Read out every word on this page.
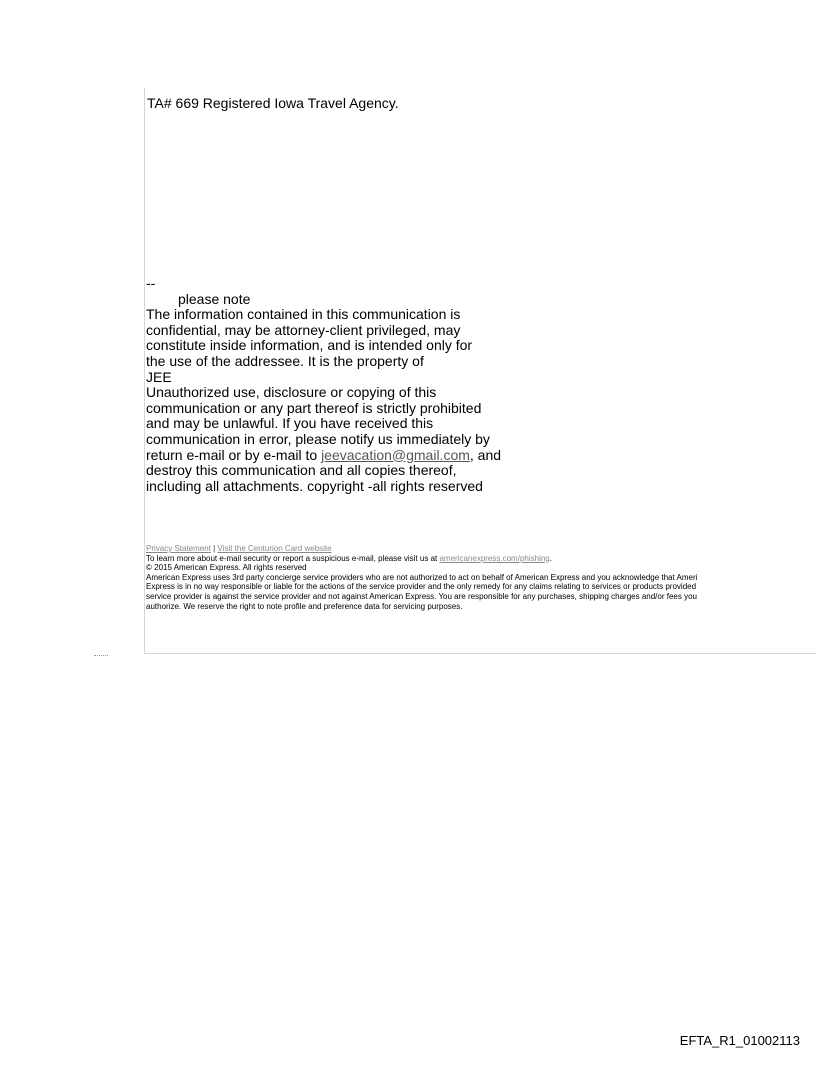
TA# 669 Registered Iowa Travel Agency.
--
please note
The information contained in this communication is
confidential, may be attorney-client privileged, may
constitute inside information, and is intended only for
the use of the addressee. It is the property of
JEE
Unauthorized use, disclosure or copying of this
communication or any part thereof is strictly prohibited
and may be unlawful. If you have received this
communication in error, please notify us immediately by
return e-mail or by e-mail to jeevacation@gmail.com, and
destroy this communication and all copies thereof,
including all attachments. copyright -all rights reserved
Privacy Statement | Visit the Centurion Card website
To learn more about e-mail security or report a suspicious e-mail, please visit us at americanexpress.com/phishing.
© 2015 American Express. All rights reserved
American Express uses 3rd party concierge service providers who are not authorized to act on behalf of American Express and you acknowledge that Ameri
Express is in no way responsible or liable for the actions of the service provider and the only remedy for any claims relating to services or products provided
service provider is against the service provider and not against American Express. You are responsible for any purchases, shipping charges and/or fees you
authorize. We reserve the right to note profile and preference data for servicing purposes.
EFTA_R1_01002113
